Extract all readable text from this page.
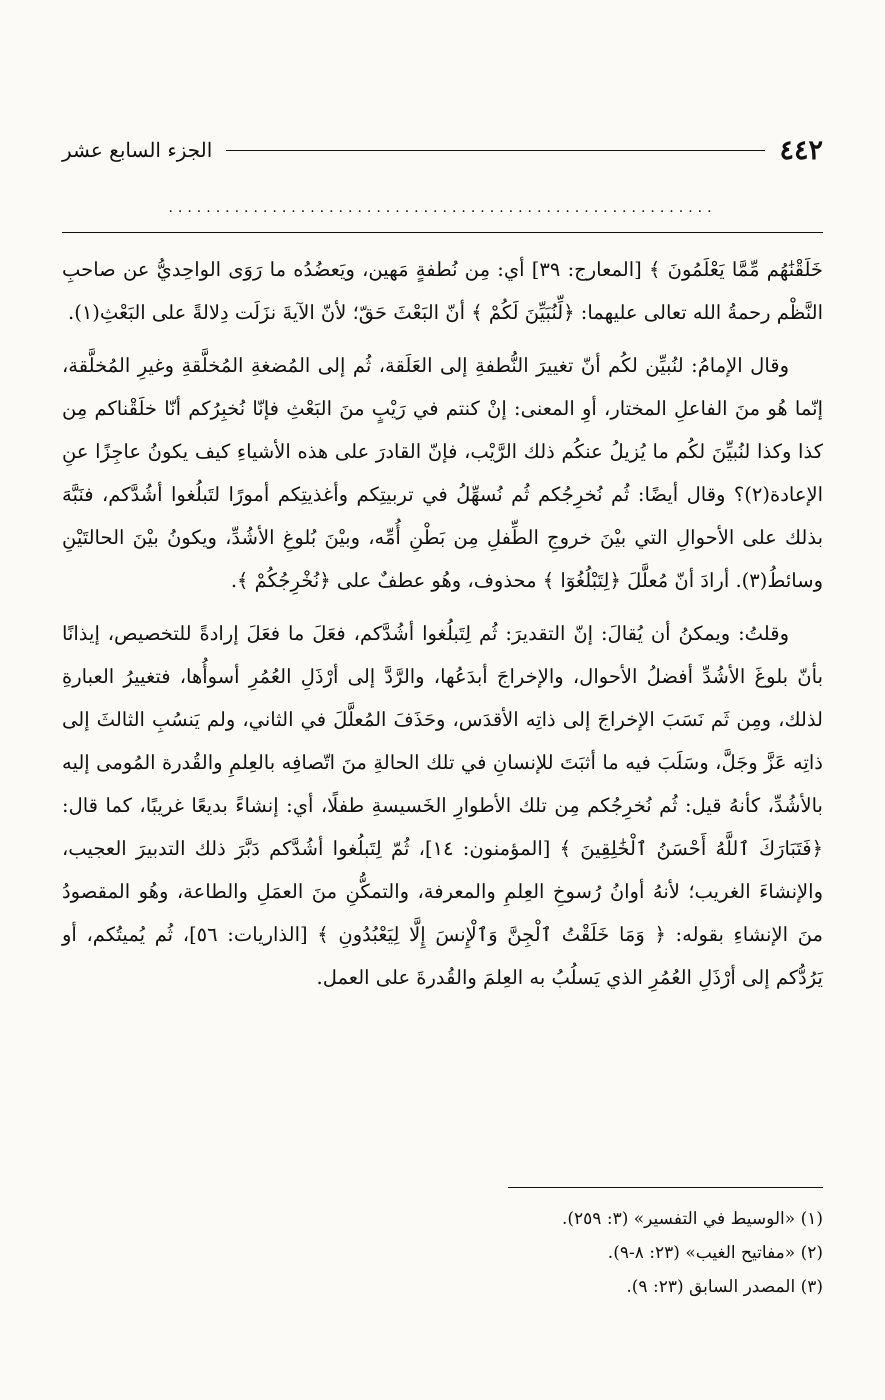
٤٤٢
الجزء السابع عشر
..........................................................

خَلَقْنَٰهُم مِّمَّا يَعْلَمُونَ ﴾ [المعارج: ٣٩] أي: مِن نُطفةٍ مَهين، ويَعضُدُه ما رَوَى الواحِديُّ عن صاحبِ النَّظْم رحمةُ الله تعالى عليهما: ﴿لِّنُبَيِّنَ لَكُمْ ﴾ أنّ البَعْثَ حَقّ؛ لأنّ الآيةَ نزَلَت دِلالةً على البَعْثِ(١).

وقال الإمامُ: لنُبيِّن لكُم أنّ تغييرَ النُّطفةِ إلى العَلَقة، ثُم إلى المُضغةِ المُخلَّقةِ وغيرِ المُخلَّقة، إنّما هُو منَ الفاعلِ المختار، أوِ المعنى: إنْ كنتم في رَيْبٍ منَ البَعْثِ فإنّا نُخبِرُكم أنّا خلَقْناكم مِن كذا وكذا لنُبيِّنَ لكُم ما يُزيلُ عنكُم ذلك الرَّيْب، فإنّ القادرَ على هذه الأشياءِ كيف يكونُ عاجِزًا عنِ الإعادة(٢)؟ وقال أيضًا: ثُم نُخرِجُكم ثُم نُسهِّلُ في تربيتِكم وأغذيتِكم أمورًا لتَبلُغوا أشُدَّكم، فنَبَّهَ بذلك على الأحوالِ التي بيْنَ خروجِ الطِّفلِ مِن بَطْنِ أُمِّه، وبيْنَ بُلوغِ الأشُدِّ، ويكونُ بيْنَ الحالتَيْنِ وسائطُ(٣). أرادَ أنّ مُعلَّلَ ﴿لِتَبْلُغُوٓا ﴾ محذوف، وهُو عطفٌ على ﴿نُخْرِجُكُمْ ﴾.

وقلتُ: ويمكنُ أن يُقالَ: إنّ التقديرَ: ثُم لِتَبلُغوا أشُدَّكم، فعَلَ ما فعَلَ إرادةً للتخصيص، إيذانًا بأنّ بلوغَ الأشُدِّ أفضلُ الأحوال، والإخراجَ أبدَعُها، والرَّدَّ إلى أرْذَلِ العُمُرِ أسوأُها، فتغييرُ العبارةِ لذلك، ومِن ثَم نَسَبَ الإخراجَ إلى ذاتِه الأقدَس، وحَذَفَ المُعلَّلَ في الثاني، ولم يَنسُبِ الثالثَ إلى ذاتِه عَزَّ وجَلَّ، وسَلَبَ فيه ما أثبَتَ للإنسانِ في تلك الحالةِ منَ اتّصافِه بالعِلمِ والقُدرة المُومى إليه بالأشُدِّ، كأنهُ قيل: ثُم نُخرِجُكم مِن تلك الأطوارِ الخَسيسةِ طفلًا، أي: إنشاءً بديعًا غريبًا، كما قال: ﴿فَتَبَارَكَ ٱللَّهُ أَحْسَنُ ٱلْخَٰلِقِينَ ﴾ [المؤمنون: ١٤]، ثُمّ لِتَبلُغوا أشُدَّكم دَبَّرَ ذلك التدبيرَ العجيب، والإنشاءَ الغريب؛ لأنهُ أوانُ رُسوخِ العِلمِ والمعرفة، والتمكُّنِ منَ العمَلِ والطاعة، وهُو المقصودُ منَ الإنشاءِ بقوله: ﴿ وَمَا خَلَقْتُ ٱلْجِنَّ وَٱلْإِنسَ إِلَّا لِيَعْبُدُونِ ﴾ [الذاريات: ٥٦]، ثُم يُميتُكم، أو يَرُدُّكم إلى أرْذَلِ العُمُرِ الذي يَسلُبُ به العِلمَ والقُدرةَ على العمل.

(١) «الوسيط في التفسير» (٣: ٢٥٩).
(٢) «مفاتيح الغيب» (٢٣: ٨-٩).
(٣) المصدر السابق (٢٣: ٩).
